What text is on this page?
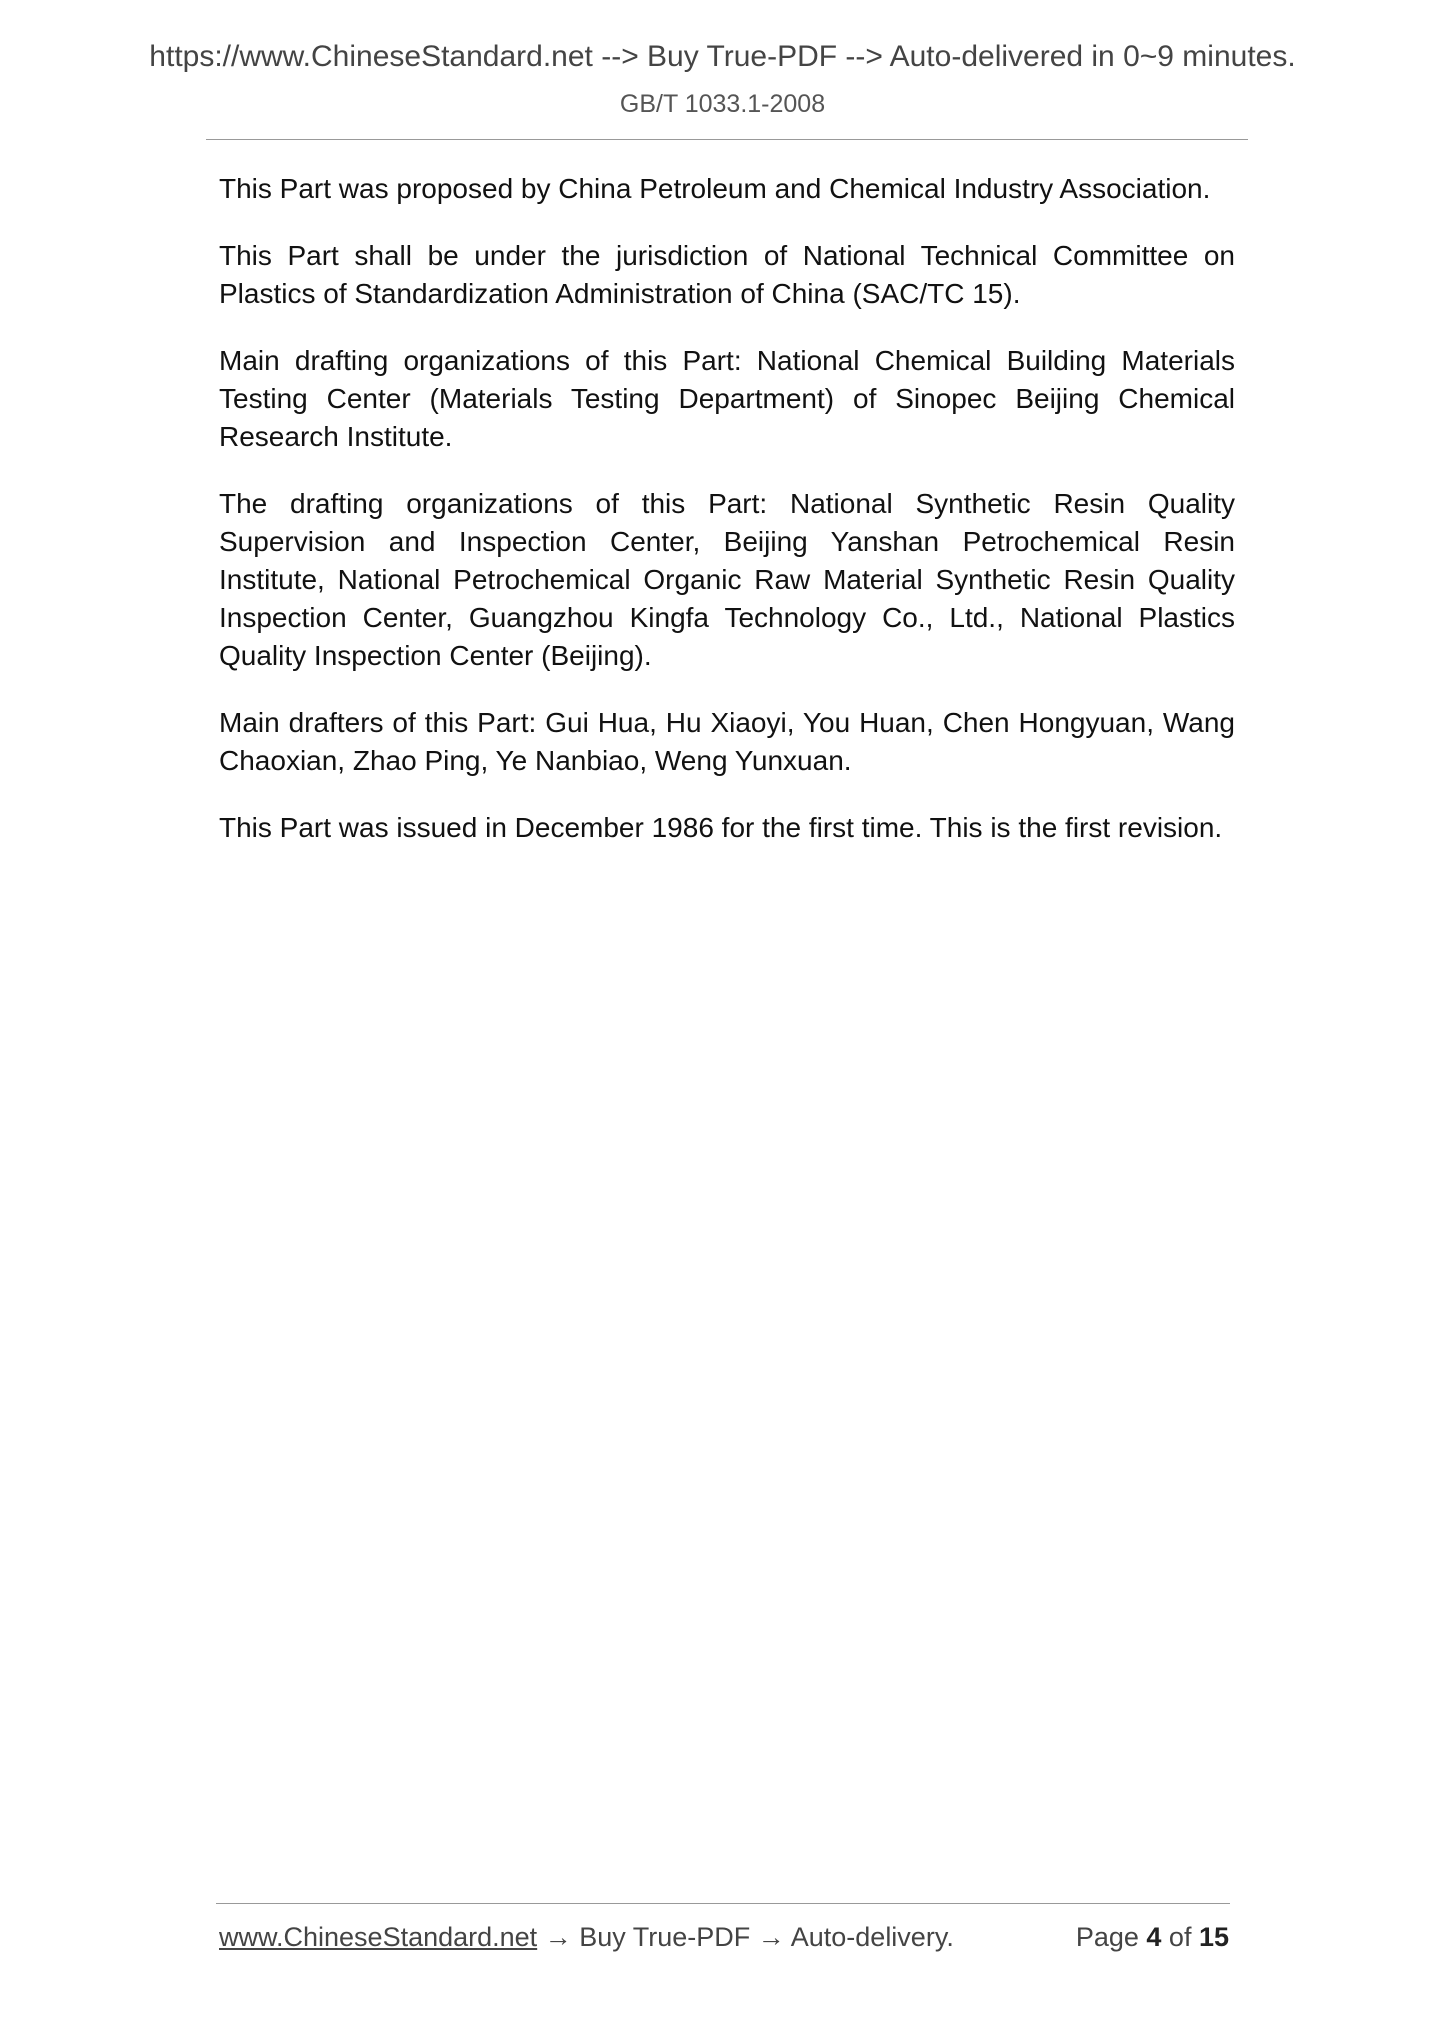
https://www.ChineseStandard.net --> Buy True-PDF --> Auto-delivered in 0~9 minutes.
GB/T 1033.1-2008

This Part was proposed by China Petroleum and Chemical Industry Association.

This Part shall be under the jurisdiction of National Technical Committee on Plastics of Standardization Administration of China (SAC/TC 15).

Main drafting organizations of this Part: National Chemical Building Materials Testing Center (Materials Testing Department) of Sinopec Beijing Chemical Research Institute.

The drafting organizations of this Part: National Synthetic Resin Quality Supervision and Inspection Center, Beijing Yanshan Petrochemical Resin Institute, National Petrochemical Organic Raw Material Synthetic Resin Quality Inspection Center, Guangzhou Kingfa Technology Co., Ltd., National Plastics Quality Inspection Center (Beijing).

Main drafters of this Part: Gui Hua, Hu Xiaoyi, You Huan, Chen Hongyuan, Wang Chaoxian, Zhao Ping, Ye Nanbiao, Weng Yunxuan.

This Part was issued in December 1986 for the first time. This is the first revision.

www.ChineseStandard.net → Buy True-PDF → Auto-delivery.	Page 4 of 15
